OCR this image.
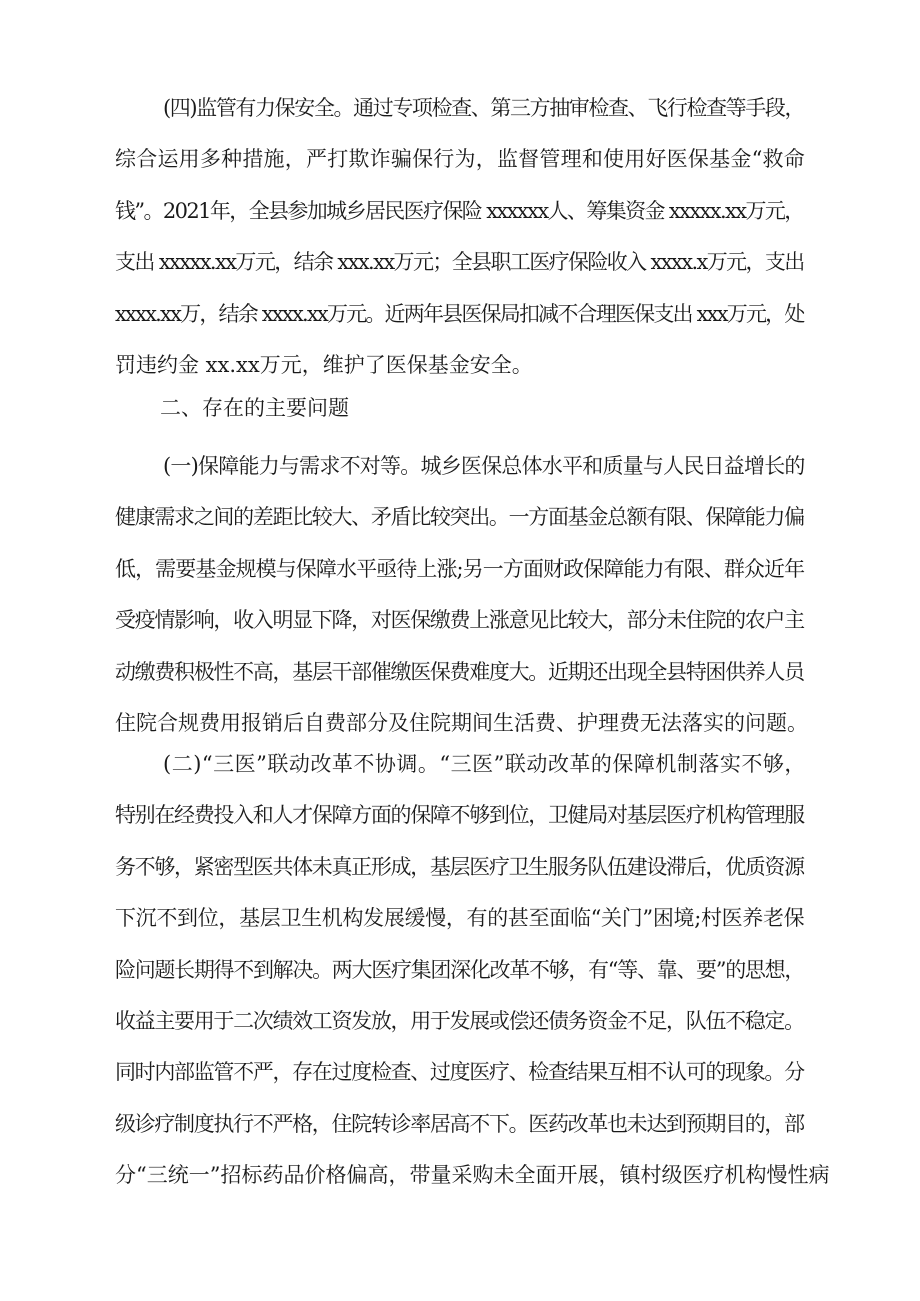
(四)监管有力保安全。通过专项检查、第三方抽审检查、飞行检查等手段，
综合运用多种措施，严打欺诈骗保行为，监督管理和使用好医保基金“救命
钱”。2021年，全县参加城乡居民医疗保险 xxxxxx人、筹集资金 xxxxx.xx万元，
支出 xxxxx.xx万元，结余 xxx.xx万元；全县职工医疗保险收入 xxxx.x万元，支出
xxxx.xx万，结余 xxxx.xx万元。近两年县医保局扣减不合理医保支出 xxx万元，处
罚违约金 xx.xx万元，维护了医保基金安全。
二、存在的主要问题
(一)保障能力与需求不对等。城乡医保总体水平和质量与人民日益增长的
健康需求之间的差距比较大、矛盾比较突出。一方面基金总额有限、保障能力偏
低，需要基金规模与保障水平亟待上涨;另一方面财政保障能力有限、群众近年
受疫情影响，收入明显下降，对医保缴费上涨意见比较大，部分未住院的农户主
动缴费积极性不高，基层干部催缴医保费难度大。近期还出现全县特困供养人员
住院合规费用报销后自费部分及住院期间生活费、护理费无法落实的问题。
(二)“三医”联动改革不协调。“三医”联动改革的保障机制落实不够，
特别在经费投入和人才保障方面的保障不够到位，卫健局对基层医疗机构管理服
务不够，紧密型医共体未真正形成，基层医疗卫生服务队伍建设滞后，优质资源
下沉不到位，基层卫生机构发展缓慢，有的甚至面临“关门”困境;村医养老保
险问题长期得不到解决。两大医疗集团深化改革不够，有“等、靠、要”的思想，
收益主要用于二次绩效工资发放，用于发展或偿还债务资金不足，队伍不稳定。
同时内部监管不严，存在过度检查、过度医疗、检查结果互相不认可的现象。分
级诊疗制度执行不严格，住院转诊率居高不下。医药改革也未达到预期目的，部
分“三统一”招标药品价格偏高，带量采购未全面开展，镇村级医疗机构慢性病
